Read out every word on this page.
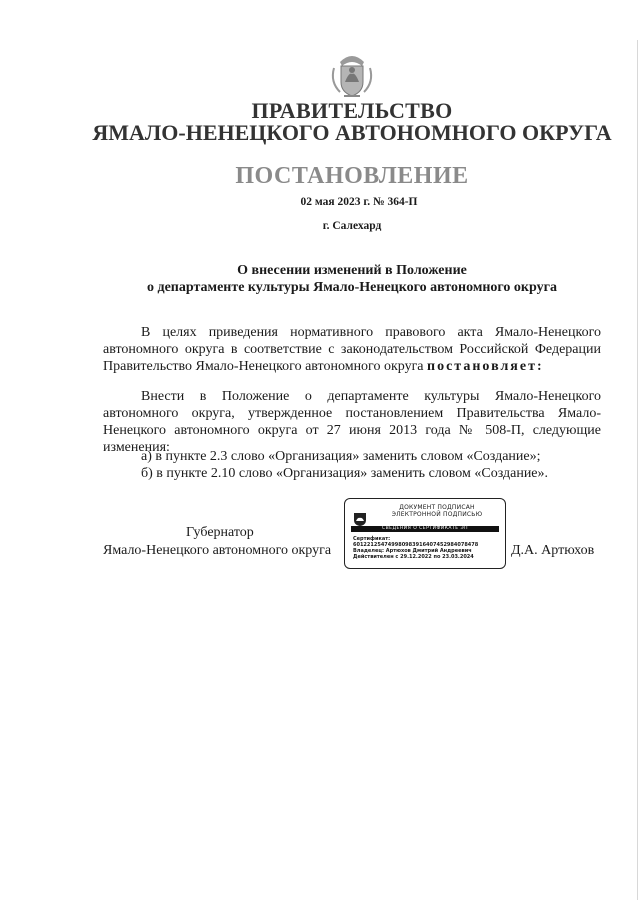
ПРАВИТЕЛЬСТВО
ЯМАЛО-НЕНЕЦКОГО АВТОНОМНОГО ОКРУГА
ПОСТАНОВЛЕНИЕ
02 мая 2023 г. № 364-П
г. Салехард
О внесении изменений в Положение
о департаменте культуры Ямало-Ненецкого автономного округа
В целях приведения нормативного правового акта Ямало-Ненецкого автономного округа в соответствие с законодательством Российской Федерации Правительство Ямало-Ненецкого автономного округа постановляет:
Внести в Положение о департаменте культуры Ямало-Ненецкого автономного округа, утвержденное постановлением Правительства Ямало-Ненецкого автономного округа от 27 июня 2013 года № 508-П, следующие изменения:
а) в пункте 2.3 слово «Организация» заменить словом «Создание»;
б) в пункте 2.10 слово «Организация» заменить словом «Создание».
Губернатор
Ямало-Ненецкого автономного округа	Д.А. Артюхов
ДОКУМЕНТ ПОДПИСАН
ЭЛЕКТРОННОЙ ПОДПИСЬЮ
СВЕДЕНИЯ О СЕРТИФИКАТЕ ЭП
Сертификат:
601221254749980983916407452984078478
Владелец: Артюхов Дмитрий Андреевич
Действителен с 29.12.2022 по 23.03.2024
